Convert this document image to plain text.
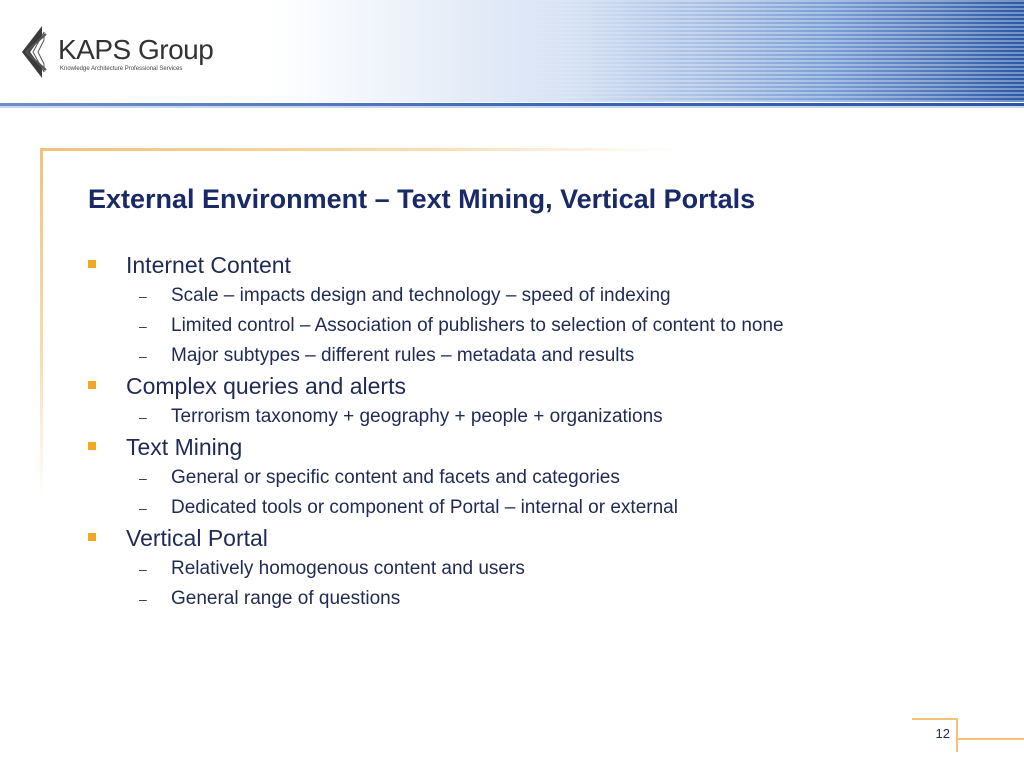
KAPS Group
Knowledge Architecture Professional Services
External Environment – Text Mining, Vertical Portals
Internet Content
– Scale – impacts design and technology – speed of indexing
– Limited control – Association of publishers to selection of content to none
– Major subtypes – different rules – metadata and results
Complex queries and alerts
– Terrorism taxonomy + geography + people + organizations
Text Mining
– General or specific content and facets and categories
– Dedicated tools or component of Portal – internal or external
Vertical Portal
– Relatively homogenous content and users
– General range of questions
12
